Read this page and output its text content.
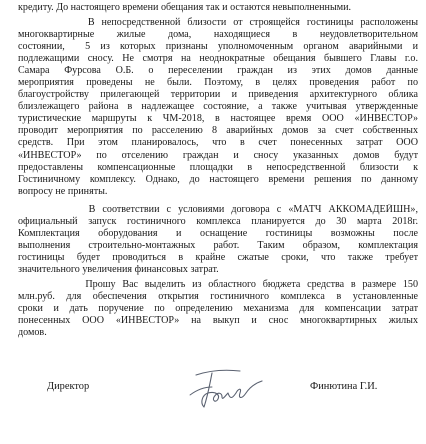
кредиту. До настоящего времени обещания так и остаются невыполненными.
В непосредственной близости от строящейся гостиницы расположены
многоквартирные   жилые   дома,   находящиеся   в   неудовлетворительном
состоянии,  5 из которых признаны уполномоченным органом аварийными и
подлежащими сносу. Не смотря на неоднократные обещания бывшего Главы г.о.
Самара Фурсова О.Б. о переселении граждан из этих домов данные
мероприятия проведены не были. Поэтому, в целях проведения работ по
благоустройству прилегающей территории и приведения архитектурного облика
близлежащего района в надлежащее состояние, а также учитывая утвержденные
туристические маршруты к ЧМ-2018, в настоящее время ООО «ИНВЕСТОР»
проводит мероприятия по расселению 8 аварийных домов за счет собственных
средств. При этом планировалось, что в счет понесенных затрат ООО
«ИНВЕСТОР» по отселению граждан и сносу указанных домов будут
предоставлены компенсационные площадки в непосредственной близости к
Гостиничному комплексу. Однако, до настоящего времени решения по данному
вопросу не приняты.
В соответствии с условиями договора с «МАТЧ АККОМАДЕЙШН»,
официальный запуск гостиничного комплекса планируется до 30 марта 2018г.
Комплектация оборудования и оснащение гостиницы возможны после
выполнения строительно-монтажных работ. Таким образом, комплектация
гостиницы будет проводиться в крайне сжатые сроки, что также требует
значительного увеличения финансовых затрат.
Прошу Вас выделить из областного бюджета средства в размере 150
млн.руб. для обеспечения открытия гостиничного комплекса в установленные
сроки и дать поручение по определению механизма для компенсации затрат
понесенных ООО «ИНВЕСТОР» на выкуп и снос многоквартирных жилых
домов.
Директор	Финютина Г.И.
